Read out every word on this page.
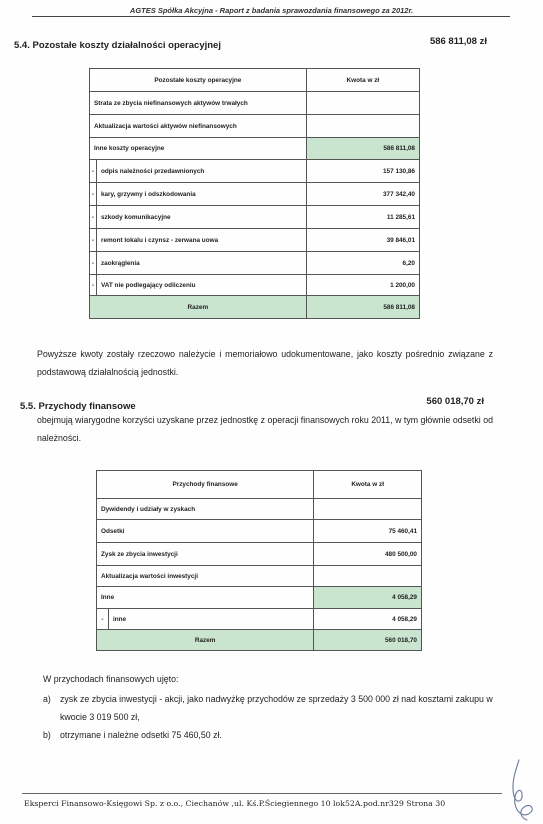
AGTES Spółka Akcyjna - Raport z badania sprawozdania finansowego za 2012r.
5.4. Pozostałe koszty działalności operacyjnej	586 811,08 zł
Pozostałe koszty operacyjne		Kwota w zł
Strata ze zbycia niefinansowych aktywów trwałych		
Aktualizacja wartości aktywów niefinansowych		
Inne koszty operacyjne		586 811,08
-	odpis należności przedawnionych	157 130,86
-	kary, grzywny i odszkodowania	377 342,40
-	szkody komunikacyjne	11 285,61
-	remont lokalu i czynsz - zerwana uowa	39 846,01
-	zaokrąglenia	6,20
-	VAT nie podlegający odliczeniu	1 200,00
Razem		586 811,08
Powyższe kwoty zostały rzeczowo należycie i memoriałowo udokumentowane, jako koszty pośrednio związane z podstawową działalnością jednostki.
5.5. Przychody finansowe	560 018,70 zł
obejmują wiarygodne korzyści uzyskane przez jednostkę z operacji finansowych roku 2011, w tym głównie odsetki od należności.
Przychody finansowe		Kwota w zł
Dywidendy i udziały w zyskach		
Odsetki		75 460,41
Zysk ze zbycia inwestycji		480 500,00
Aktualizacja wartości inwestycji		
Inne		4 058,29
-	inne	4 058,29
Razem		560 018,70
W przychodach finansowych ujęto:
a) zysk ze zbycia inwestycji - akcji, jako nadwyżkę przychodów ze sprzedaży 3 500 000 zł nad kosztami zakupu w kwocie 3 019 500 zł,
b) otrzymane i należne odsetki 75 460,50 zł.
Eksperci Finansowo-Księgowi Sp. z o.o., Ciechanów ,ul. Kś.P.Ściegiennego 10 lok52A.pod.nr329 Strona 30
